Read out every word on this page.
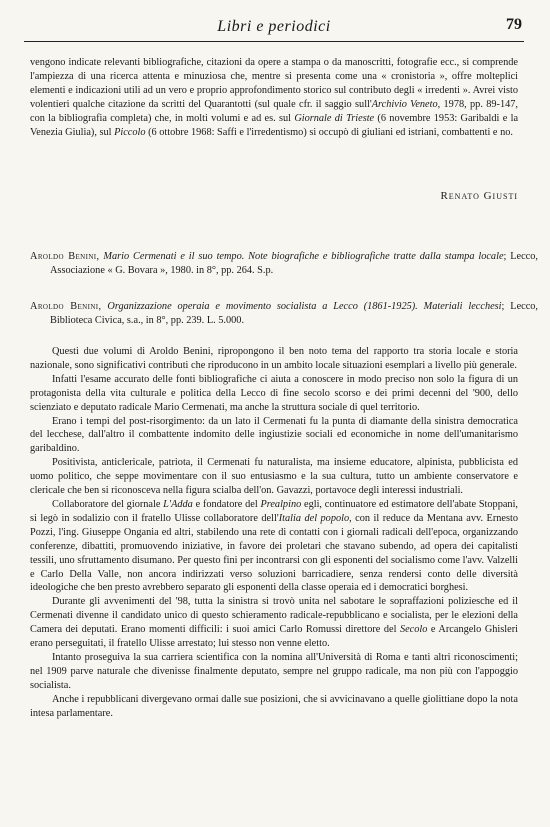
Libri e periodici	79

vengono indicate relevanti bibliografiche, citazioni da opere a stampa o da manoscritti, fotografie ecc., si comprende l'ampiezza di una ricerca attenta e minuziosa che, mentre si presenta come una « cronistoria », offre molteplici elementi e indicazioni utili ad un vero e proprio approfondimento storico sul contributo degli « irredenti ». Avrei visto volentieri qualche citazione da scritti del Quarantotti (sul quale cfr. il saggio sull'Archivio Veneto, 1978, pp. 89-147, con la bibliografia completa) che, in molti volumi e ad es. sul Giornale di Trieste (6 novembre 1953: Garibaldi e la Venezia Giulia), sul Piccolo (6 ottobre 1968: Saffi e l'irredentismo) si occupò di giuliani ed istriani, combattenti e no.

Renato Giusti
Aroldo Benini, Mario Cermenati e il suo tempo. Note biografiche e bibliografiche tratte dalla stampa locale; Lecco, Associazione « G. Bovara », 1980. in 8°, pp. 264. S.p.
Aroldo Benini, Organizzazione operaia e movimento socialista a Lecco (1861-1925). Materiali lecchesi; Lecco, Biblioteca Civica, s.a., in 8°, pp. 239. L. 5.000.

Questi due volumi di Aroldo Benini, ripropongono il ben noto tema del rapporto tra storia locale e storia nazionale, sono significativi contributi che riproducono in un ambito locale situazioni esemplari a livello più generale.

Infatti l'esame accurato delle fonti bibliografiche ci aiuta a conoscere in modo preciso non solo la figura di un protagonista della vita culturale e politica della Lecco di fine secolo scorso e dei primi decenni del '900, dello scienziato e deputato radicale Mario Cermenati, ma anche la struttura sociale di quel territorio.

Erano i tempi del post-risorgimento: da un lato il Cermenati fu la punta di diamante della sinistra democratica del lecchese, dall'altro il combattente indomito delle ingiustizie sociali ed economiche in nome dell'umanitarismo garibaldino.

Positivista, anticlericale, patriota, il Cermenati fu naturalista, ma insieme educatore, alpinista, pubblicista ed uomo politico, che seppe movimentare con il suo entusiasmo e la sua cultura, tutto un ambiente conservatore e clericale che ben si riconosceva nella figura scialba dell'on. Gavazzi, portavoce degli interessi industriali.

Collaboratore del giornale L'Adda e fondatore del Prealpino egli, continuatore ed estimatore dell'abate Stoppani, si legò in sodalizio con il fratello Ulisse collaboratore dell'Italia del popolo, con il reduce da Mentana avv. Ernesto Pozzi, l'ing. Giuseppe Ongania ed altri, stabilendo una rete di contatti con i giornali radicali dell'epoca, organizzando conferenze, dibattiti, promuovendo iniziative, in favore dei proletari che stavano subendo, ad opera dei capitalisti tessili, uno sfruttamento disumano. Per questo fini per incontrarsi con gli esponenti del socialismo come l'avv. Valzelli e Carlo Della Valle, non ancora indirizzati verso soluzioni barricadiere, senza rendersi conto delle diversità ideologiche che ben presto avrebbero separato gli esponenti della classe operaia ed i democratici borghesi.

Durante gli avvenimenti del '98, tutta la sinistra si trovò unita nel sabotare le sopraffazioni poliziesche ed il Cermenati divenne il candidato unico di questo schieramento radicale-repubblicano e socialista, per le elezioni della Camera dei deputati. Erano momenti difficili: i suoi amici Carlo Romussi direttore del Secolo e Arcangelo Ghisleri erano perseguitati, il fratello Ulisse arrestato; lui stesso non venne eletto.

Intanto proseguiva la sua carriera scientifica con la nomina all'Università di Roma e tanti altri riconoscimenti; nel 1909 parve naturale che divenisse finalmente deputato, sempre nel gruppo radicale, ma non più con l'appoggio socialista.

Anche i repubblicani divergevano ormai dalle sue posizioni, che si avvicinavano a quelle giolittiane dopo la nota intesa parlamentare.
